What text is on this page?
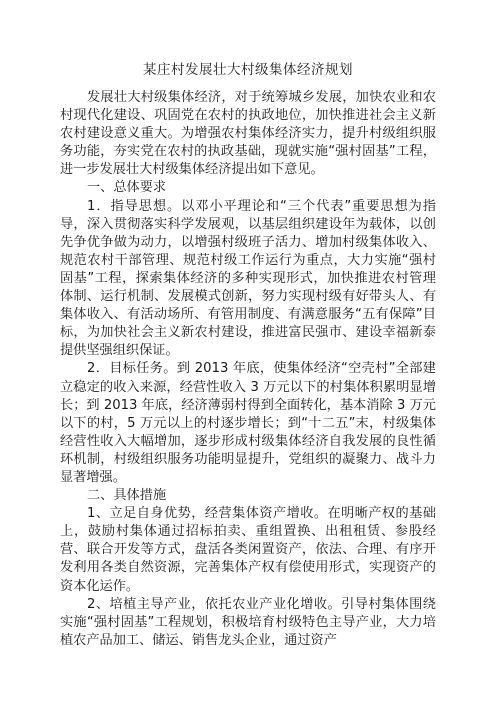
某庄村发展壮大村级集体经济规划

发展壮大村级集体经济，对于统筹城乡发展，加快农业和农村现代化建设、巩固党在农村的执政地位，加快推进社会主义新农村建设意义重大。为增强农村集体经济实力，提升村级组织服务功能，夯实党在农村的执政基础，现就实施“强村固基”工程，进一步发展壮大村级集体经济提出如下意见。

一、总体要求

1．指导思想。以邓小平理论和“三个代表”重要思想为指导，深入贯彻落实科学发展观，以基层组织建设年为载体，以创先争优争做为动力，以增强村级班子活力、增加村级集体收入、规范农村干部管理、规范村级工作运行为重点，大力实施“强村固基”工程，探索集体经济的多种实现形式，加快推进农村管理体制、运行机制、发展模式创新，努力实现村级有好带头人、有集体收入、有活动场所、有管用制度、有满意服务“五有保障”目标，为加快社会主义新农村建设，推进富民强市、建设幸福新泰提供坚强组织保证。

2．目标任务。到 2013 年底，使集体经济“空壳村”全部建立稳定的收入来源，经营性收入 3 万元以下的村集体积累明显增长；到 2013 年底，经济薄弱村得到全面转化，基本消除 3 万元以下的村，5 万元以上的村逐步增长；到“十二五”末，村级集体经营性收入大幅增加，逐步形成村级集体经济自我发展的良性循环机制，村级组织服务功能明显提升，党组织的凝聚力、战斗力显著增强。

二、具体措施

1、立足自身优势，经营集体资产增收。在明晰产权的基础上，鼓励村集体通过招标拍卖、重组置换、出租租赁、参股经营、联合开发等方式，盘活各类闲置资产，依法、合理、有序开发利用各类自然资源，完善集体产权有偿使用形式，实现资产的资本化运作。

2、培植主导产业，依托农业产业化增收。引导村集体围绕实施“强村固基”工程规划，积极培育村级特色主导产业，大力培植农产品加工、储运、销售龙头企业，通过资产
